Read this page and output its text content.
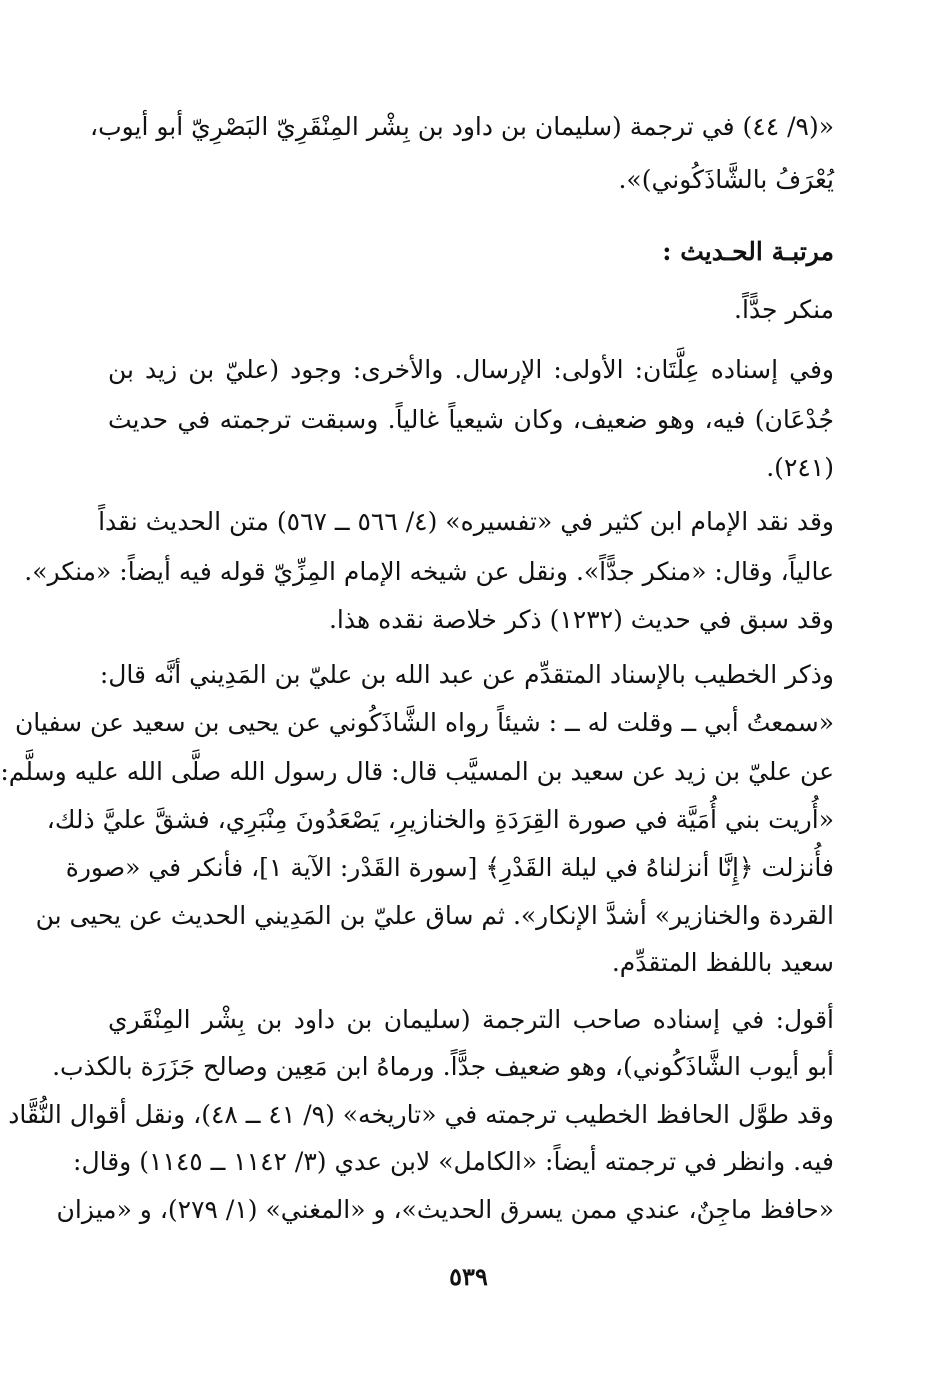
«(٩/ ٤٤) في ترجمة (سليمان بن داود بن بِشْر المِنْقَرِيّ البَصْرِيّ أبو أيوب،
يُعْرَفُ بالشَّاذَكُوني)».
مرتبـة الحـديث :
منكر جدًّاً.
وفي إسناده عِلَّتَان: الأولى: الإرسال. والأخرى: وجود (عليّ بن زيد بن
جُدْعَان) فيه، وهو ضعيف، وكان شيعياً غالياً. وسبقت ترجمته في حديث
(٢٤١).
وقد نقد الإمام ابن كثير في «تفسيره» (٤/ ٥٦٦ ــ ٥٦٧) متن الحديث نقداً
عالياً، وقال: «منكر جدًّاً». ونقل عن شيخه الإمام المِزِّيّ قوله فيه أيضاً: «منكر».
وقد سبق في حديث (١٢٣٢) ذكر خلاصة نقده هذا.
وذكر الخطيب بالإسناد المتقدِّم عن عبد الله بن عليّ بن المَدِيني أنَّه قال:
«سمعتُ أبي ــ وقلت له ــ : شيئاً رواه الشَّاذَكُوني عن يحيى بن سعيد عن سفيان
عن عليّ بن زيد عن سعيد بن المسيَّب قال: قال رسول الله صلَّى الله عليه وسلَّم:
«أُريت بني أُمَيَّة في صورة القِرَدَةِ والخنازيرِ، يَصْعَدُونَ مِنْبَرِي، فشقَّ عليَّ ذلك،
فأُنزلت ﴿إِنَّا أنزلناهُ في ليلة القَدْرِ﴾ [سورة القَدْر: الآية ١]، فأنكر في «صورة
القردة والخنازير» أشدَّ الإنكار». ثم ساق عليّ بن المَدِيني الحديث عن يحيى بن
سعيد باللفظ المتقدِّم.
أقول: في إسناده صاحب الترجمة (سليمان بن داود بن بِشْر المِنْقَري
أبو أيوب الشَّاذَكُوني)، وهو ضعيف جدًّاً. ورماهُ ابن مَعِين وصالح جَزَرَة بالكذب.
وقد طوَّل الحافظ الخطيب ترجمته في «تاريخه» (٩/ ٤١ ــ ٤٨)، ونقل أقوال النُّقَّاد
فيه. وانظر في ترجمته أيضاً: «الكامل» لابن عدي (٣/ ١١٤٢ ــ ١١٤٥) وقال:
«حافظ ماجِنٌ، عندي ممن يسرق الحديث»، و «المغني» (١/ ٢٧٩)، و «ميزان
٥٣٩
